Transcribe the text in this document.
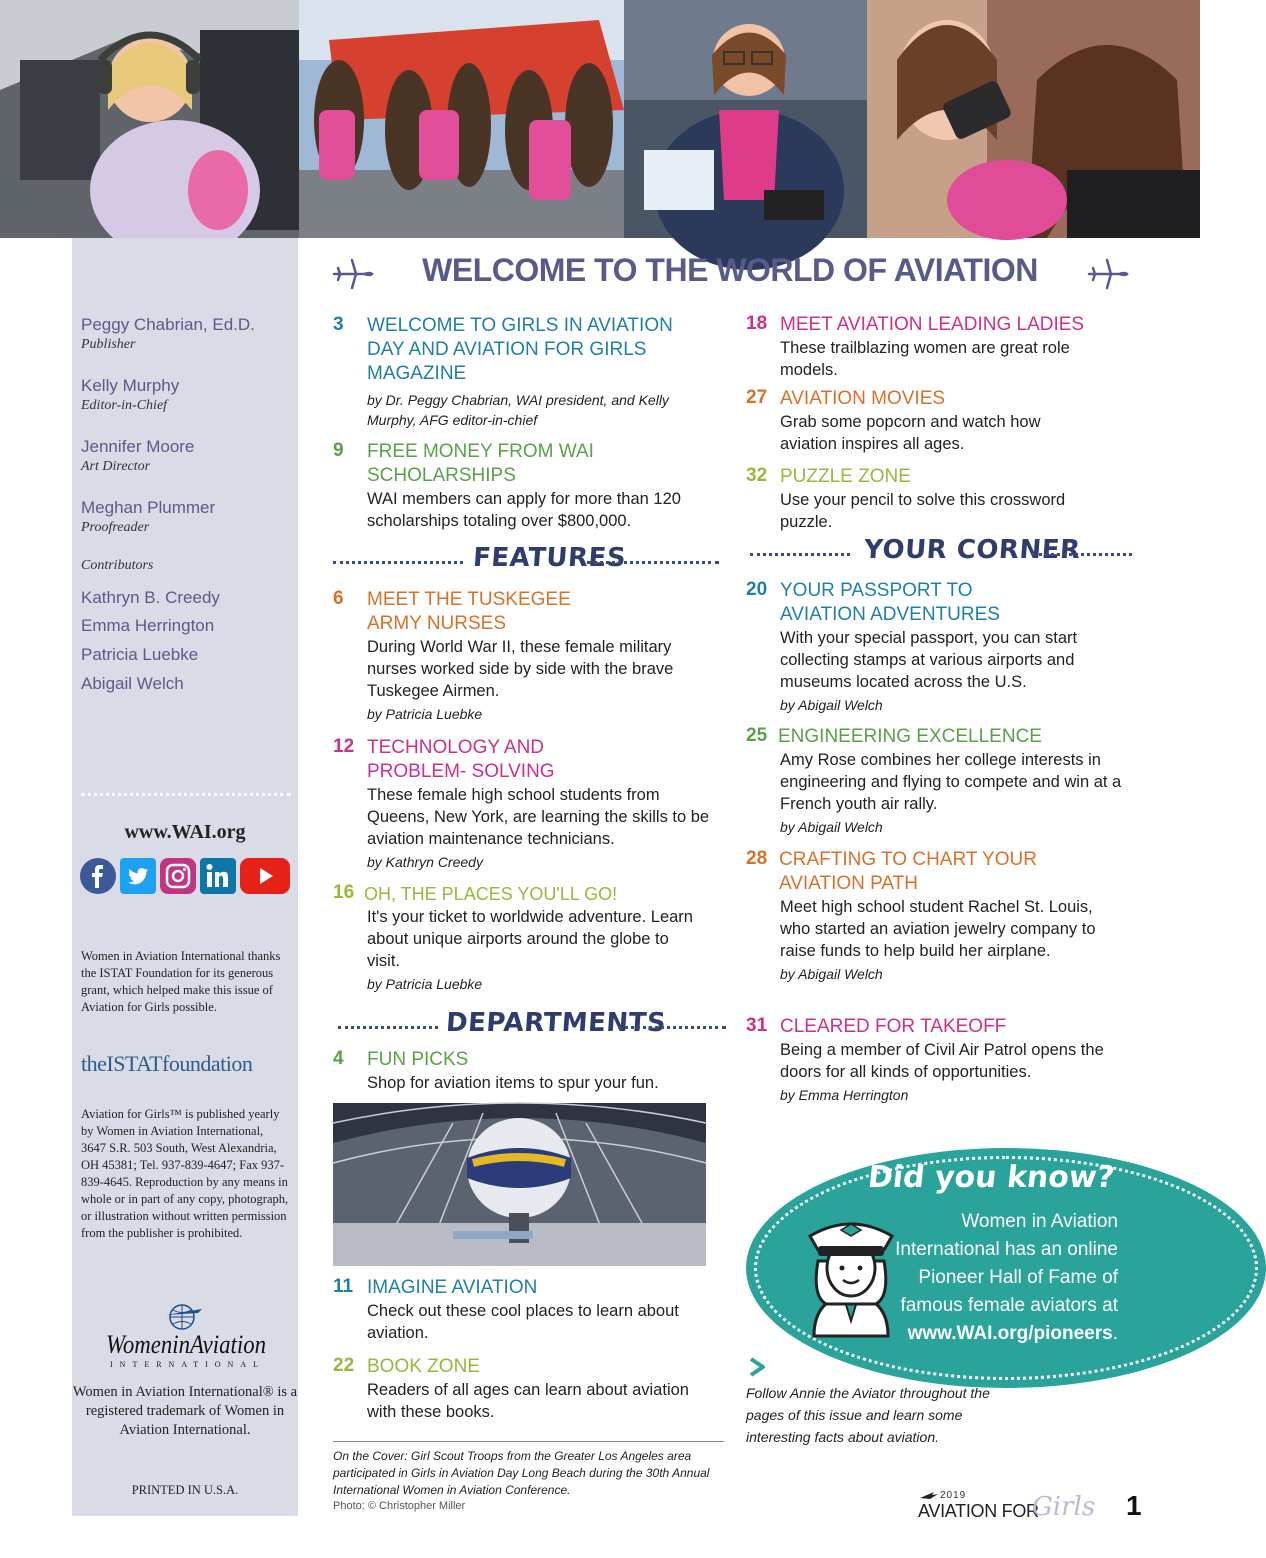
Peggy Chabrian, Ed.D.
Publisher
Kelly Murphy
Editor-in-Chief
Jennifer Moore
Art Director
Meghan Plummer
Proofreader
Contributors
Kathryn B. Creedy
Emma Herrington
Patricia Luebke
Abigail Welch
www.WAI.org
Women in Aviation International thanks the ISTAT Foundation for its generous grant, which helped make this issue of Aviation for Girls possible.
theISTATfoundation
Aviation for Girls™ is published yearly by Women in Aviation International, 3647 S.R. 503 South, West Alexandria, OH 45381; Tel. 937-839-4647; Fax 937-839-4645. Reproduction by any means in whole or in part of any copy, photograph, or illustration without written permission from the publisher is prohibited.
WomeninAviation
INTERNATIONAL
Women in Aviation International® is a registered trademark of Women in Aviation International.
PRINTED IN U.S.A.
WELCOME TO THE WORLD OF AVIATION
3 WELCOME TO GIRLS IN AVIATION DAY AND AVIATION FOR GIRLS MAGAZINE
by Dr. Peggy Chabrian, WAI president, and Kelly Murphy, AFG editor-in-chief
9 FREE MONEY FROM WAI SCHOLARSHIPS
WAI members can apply for more than 120 scholarships totaling over $800,000.
FEATURES
6 MEET THE TUSKEGEE ARMY NURSES
During World War II, these female military nurses worked side by side with the brave Tuskegee Airmen.
by Patricia Luebke
12 TECHNOLOGY AND PROBLEM- SOLVING
These female high school students from Queens, New York, are learning the skills to be aviation maintenance technicians.
by Kathryn Creedy
16 OH, THE PLACES YOU'LL GO!
It's your ticket to worldwide adventure. Learn about unique airports around the globe to visit.
by Patricia Luebke
DEPARTMENTS
4 FUN PICKS
Shop for aviation items to spur your fun.
11 IMAGINE AVIATION
Check out these cool places to learn about aviation.
22 BOOK ZONE
Readers of all ages can learn about aviation with these books.
On the Cover: Girl Scout Troops from the Greater Los Angeles area participated in Girls in Aviation Day Long Beach during the 30th Annual International Women in Aviation Conference.
Photo: © Christopher Miller
18 MEET AVIATION LEADING LADIES
These trailblazing women are great role models.
27 AVIATION MOVIES
Grab some popcorn and watch how aviation inspires all ages.
32 PUZZLE ZONE
Use your pencil to solve this crossword puzzle.
YOUR CORNER
20 YOUR PASSPORT TO AVIATION ADVENTURES
With your special passport, you can start collecting stamps at various airports and museums located across the U.S.
by Abigail Welch
25 ENGINEERING EXCELLENCE
Amy Rose combines her college interests in engineering and flying to compete and win at a French youth air rally.
by Abigail Welch
28 CRAFTING TO CHART YOUR AVIATION PATH
Meet high school student Rachel St. Louis, who started an aviation jewelry company to raise funds to help build her airplane.
by Abigail Welch
31 CLEARED FOR TAKEOFF
Being a member of Civil Air Patrol opens the doors for all kinds of opportunities.
by Emma Herrington
Did you know?
Women in Aviation International has an online Pioneer Hall of Fame of famous female aviators at www.WAI.org/pioneers.
Follow Annie the Aviator throughout the pages of this issue and learn some interesting facts about aviation.
2019
AVIATION FOR
Girls 1
